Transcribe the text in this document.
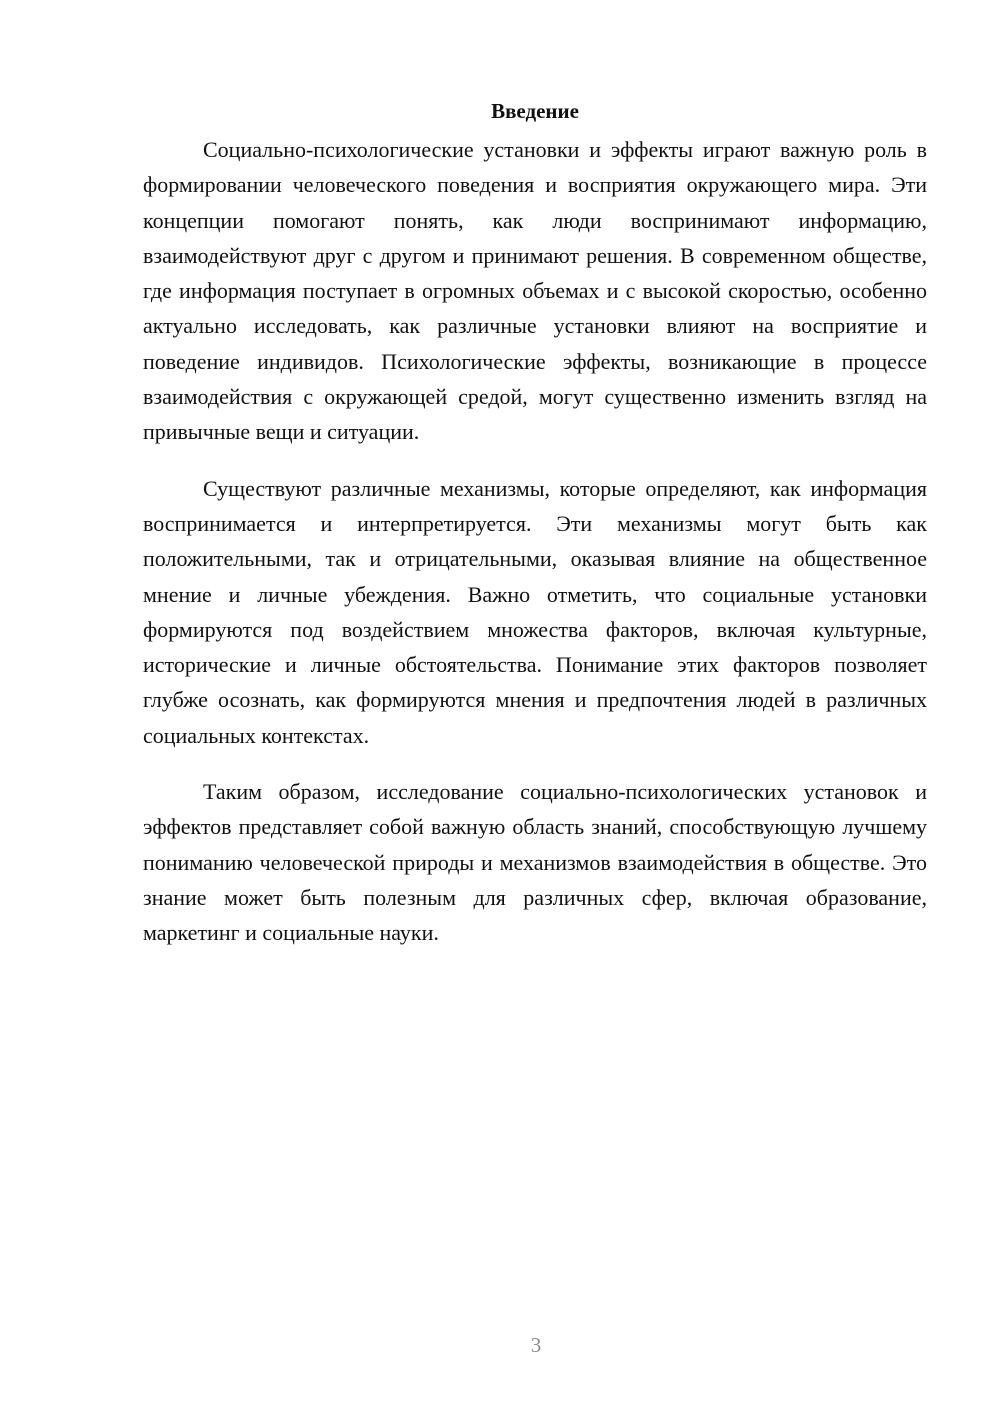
Введение

Социально-психологические установки и эффекты играют важную роль в формировании человеческого поведения и восприятия окружающего мира. Эти концепции помогают понять, как люди воспринимают информацию, взаимодействуют друг с другом и принимают решения. В современном обществе, где информация поступает в огромных объемах и с высокой скоростью, особенно актуально исследовать, как различные установки влияют на восприятие и поведение индивидов. Психологические эффекты, возникающие в процессе взаимодействия с окружающей средой, могут существенно изменить взгляд на привычные вещи и ситуации.

Существуют различные механизмы, которые определяют, как информация воспринимается и интерпретируется. Эти механизмы могут быть как положительными, так и отрицательными, оказывая влияние на общественное мнение и личные убеждения. Важно отметить, что социальные установки формируются под воздействием множества факторов, включая культурные, исторические и личные обстоятельства. Понимание этих факторов позволяет глубже осознать, как формируются мнения и предпочтения людей в различных социальных контекстах.

Таким образом, исследование социально-психологических установок и эффектов представляет собой важную область знаний, способствующую лучшему пониманию человеческой природы и механизмов взаимодействия в обществе. Это знание может быть полезным для различных сфер, включая образование, маркетинг и социальные науки.

3
